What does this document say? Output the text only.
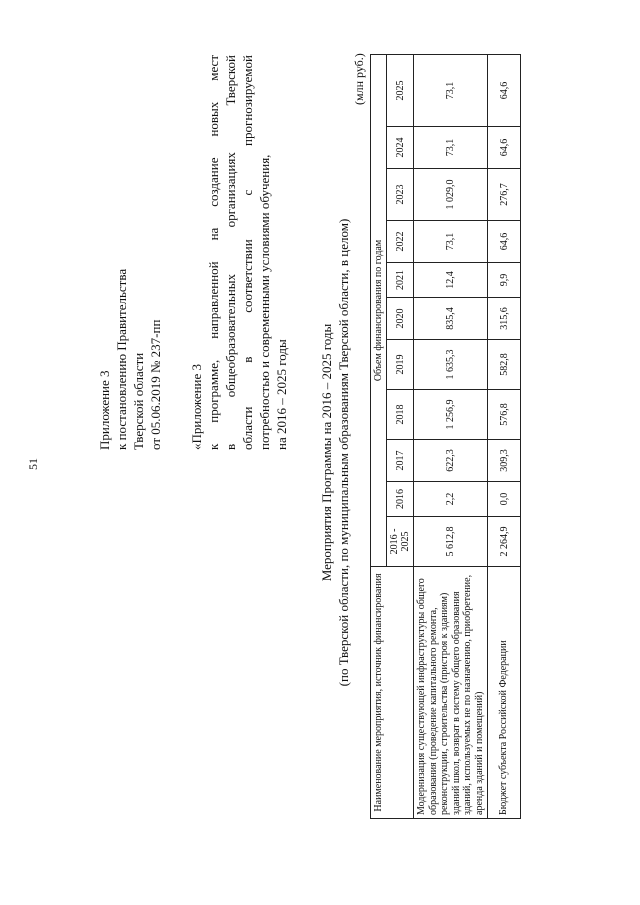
51
Приложение 3 к постановлению Правительства Тверской области от 05.06.2019 № 237-пп «Приложение 3 к программе, направленной на создание новых мест в общеобразовательных организациях Тверской области в соответствии с прогнозируемой потребностью и современными условиями обучения, на 2016 – 2025 годы Мероприятия Программы на 2016 – 2025 годы (по Тверской области, по муниципальным образованиям Тверской области, в целом)
(млн руб.)
Наименование мероприятия, источник финансирования	Объем финансирования по годам										
	2016 - 2025	2016	2017	2018	2019	2020	2021	2022	2023	2024	2025
Модернизация существующей инфраструктуры общего образования (проведение капитального ремонта, реконструкции, строительства (пристроя к зданиям) зданий школ, возврат в систему общего образования зданий, используемых не по назначению, приобретение, аренда зданий и помещений)	5 612,8	2,2	622,3	1 256,9	1 635,3	835,4	12,4	73,1	1 029,0	73,1	73,1
Бюджет субъекта Российской Федерации	2 264,9	0,0	309,3	576,8	582,8	315,6	9,9	64,6	276,7	64,6	64,6
